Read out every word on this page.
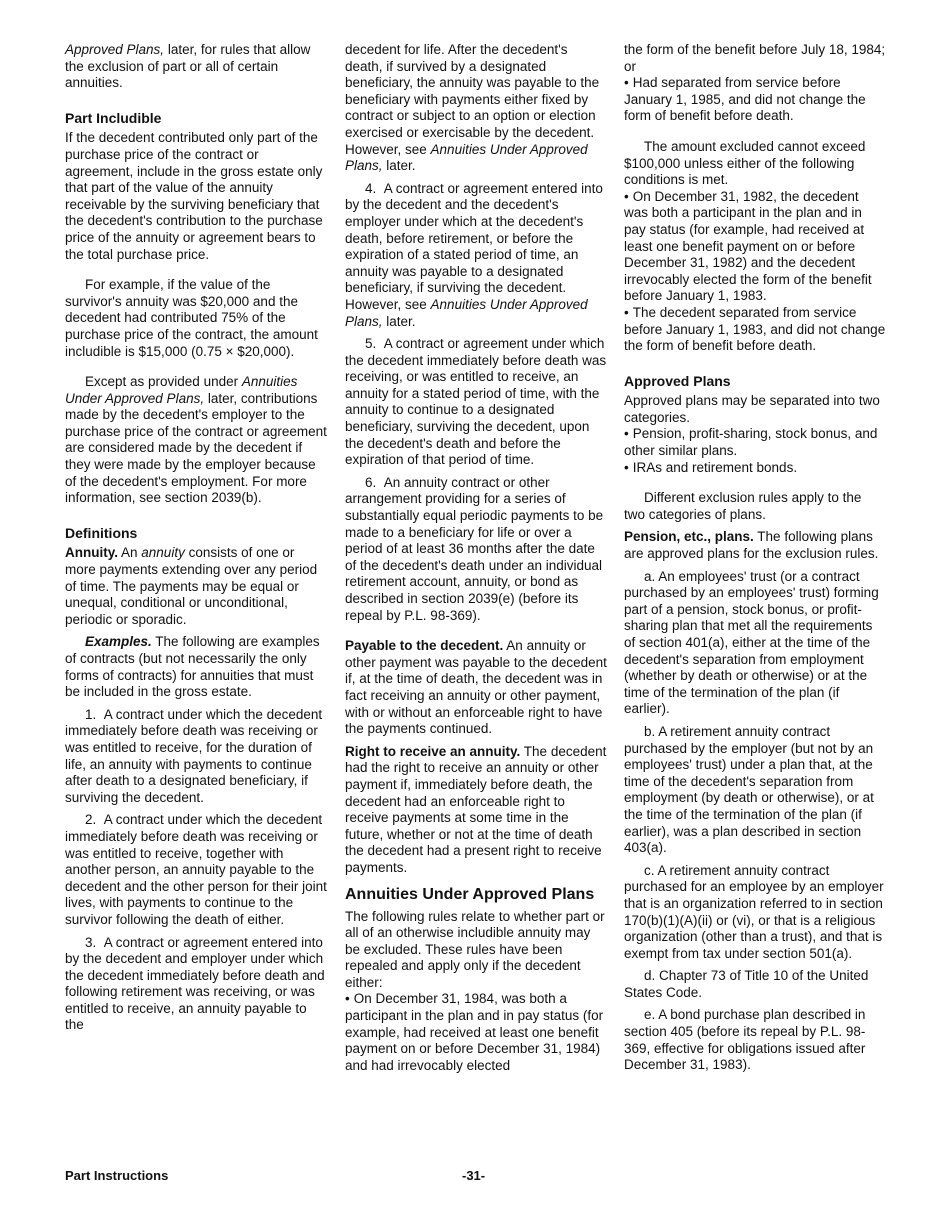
Approved Plans, later, for rules that allow the exclusion of part or all of certain annuities.

Part Includible

If the decedent contributed only part of the purchase price of the contract or agreement, include in the gross estate only that part of the value of the annuity receivable by the surviving beneficiary that the decedent's contribution to the purchase price of the annuity or agreement bears to the total purchase price.

For example, if the value of the survivor's annuity was $20,000 and the decedent had contributed 75% of the purchase price of the contract, the amount includible is $15,000 (0.75 × $20,000).

Except as provided under Annuities Under Approved Plans, later, contributions made by the decedent's employer to the purchase price of the contract or agreement are considered made by the decedent if they were made by the employer because of the decedent's employment. For more information, see section 2039(b).

Definitions

Annuity. An annuity consists of one or more payments extending over any period of time. The payments may be equal or unequal, conditional or unconditional, periodic or sporadic.

Examples. The following are examples of contracts (but not necessarily the only forms of contracts) for annuities that must be included in the gross estate.

1.  A contract under which the decedent immediately before death was receiving or was entitled to receive, for the duration of life, an annuity with payments to continue after death to a designated beneficiary, if surviving the decedent.

2.  A contract under which the decedent immediately before death was receiving or was entitled to receive, together with another person, an annuity payable to the decedent and the other person for their joint lives, with payments to continue to the survivor following the death of either.

3.  A contract or agreement entered into by the decedent and employer under which the decedent immediately before death and following retirement was receiving, or was entitled to receive, an annuity payable to the

decedent for life. After the decedent's death, if survived by a designated beneficiary, the annuity was payable to the beneficiary with payments either fixed by contract or subject to an option or election exercised or exercisable by the decedent. However, see Annuities Under Approved Plans, later.

4.  A contract or agreement entered into by the decedent and the decedent's employer under which at the decedent's death, before retirement, or before the expiration of a stated period of time, an annuity was payable to a designated beneficiary, if surviving the decedent. However, see Annuities Under Approved Plans, later.

5.  A contract or agreement under which the decedent immediately before death was receiving, or was entitled to receive, an annuity for a stated period of time, with the annuity to continue to a designated beneficiary, surviving the decedent, upon the decedent's death and before the expiration of that period of time.

6.  An annuity contract or other arrangement providing for a series of substantially equal periodic payments to be made to a beneficiary for life or over a period of at least 36 months after the date of the decedent's death under an individual retirement account, annuity, or bond as described in section 2039(e) (before its repeal by P.L. 98-369).

Payable to the decedent. An annuity or other payment was payable to the decedent if, at the time of death, the decedent was in fact receiving an annuity or other payment, with or without an enforceable right to have the payments continued.

Right to receive an annuity. The decedent had the right to receive an annuity or other payment if, immediately before death, the decedent had an enforceable right to receive payments at some time in the future, whether or not at the time of death the decedent had a present right to receive payments.

Annuities Under Approved Plans

The following rules relate to whether part or all of an otherwise includible annuity may be excluded. These rules have been repealed and apply only if the decedent either:

• On December 31, 1984, was both a participant in the plan and in pay status (for example, had received at least one benefit payment on or before December 31, 1984) and had irrevocably elected

the form of the benefit before July 18, 1984; or

• Had separated from service before January 1, 1985, and did not change the form of benefit before death.

The amount excluded cannot exceed $100,000 unless either of the following conditions is met.

• On December 31, 1982, the decedent was both a participant in the plan and in pay status (for example, had received at least one benefit payment on or before December 31, 1982) and the decedent irrevocably elected the form of the benefit before January 1, 1983.

• The decedent separated from service before January 1, 1983, and did not change the form of benefit before death.

Approved Plans

Approved plans may be separated into two categories.

• Pension, profit-sharing, stock bonus, and other similar plans.

• IRAs and retirement bonds.

Different exclusion rules apply to the two categories of plans.

Pension, etc., plans. The following plans are approved plans for the exclusion rules.

a. An employees' trust (or a contract purchased by an employees' trust) forming part of a pension, stock bonus, or profit-sharing plan that met all the requirements of section 401(a), either at the time of the decedent's separation from employment (whether by death or otherwise) or at the time of the termination of the plan (if earlier).

b. A retirement annuity contract purchased by the employer (but not by an employees' trust) under a plan that, at the time of the decedent's separation from employment (by death or otherwise), or at the time of the termination of the plan (if earlier), was a plan described in section 403(a).

c. A retirement annuity contract purchased for an employee by an employer that is an organization referred to in section 170(b)(1)(A)(ii) or (vi), or that is a religious organization (other than a trust), and that is exempt from tax under section 501(a).

d. Chapter 73 of Title 10 of the United States Code.

e. A bond purchase plan described in section 405 (before its repeal by P.L. 98-369, effective for obligations issued after December 31, 1983).

Part Instructions	-31-
